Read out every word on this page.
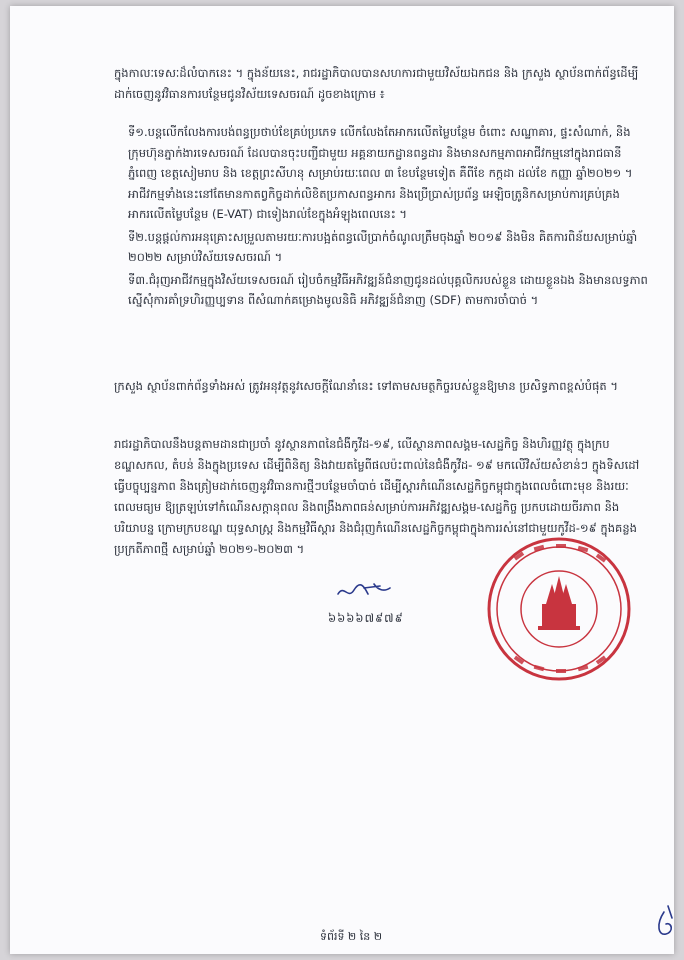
ក្នុងកាលៈទេសៈដ៏លំបាកនេះ ។ ក្នុងន័យនេះ, រាជរដ្ឋាភិបាលបានសហការជាមួយវិស័យឯកជន និង ក្រសួង ស្ថាប័នពាក់ព័ន្ធដើម្បីដាក់ចេញនូវវិធានការបន្ថែមជូនវិស័យទេសចរណ៍ ដូចខាងក្រោម ៖
ទី១.បន្តលើកលែងការបង់ពន្ធប្រថាប់ខែគ្រប់ប្រភេទ លើកលែងតែអាករលើតម្លៃបន្ថែម ចំពោះ សណ្ឋាគារ, ផ្ទះសំណាក់, និងក្រុមហ៊ុនភ្នាក់ងារទេសចរណ៍ ដែលបានចុះបញ្ជីជាមួយ អគ្គនាយកដ្ឋានពន្ធដារ និងមានសកម្មភាពអាជីវកម្មនៅក្នុងរាជធានីភ្នំពេញ ខេត្តសៀមរាប និង ខេត្តព្រះសីហនុ សម្រាប់រយៈពេល ៣ ខែបន្ថែមទៀត គឺពីខែ កក្កដា ដល់ខែ កញ្ញា ឆ្នាំ២០២១ ។ អាជីវកម្មទាំងនេះនៅតែមានកាតព្វកិច្ចដាក់លិខិតប្រកាសពន្ធអាករ និងប្រើប្រាស់ប្រព័ន្ធ អេឡិចត្រូនិកសម្រាប់ការគ្រប់គ្រងអាករលើតម្លៃបន្ថែម (E-VAT) ជាទៀងរាល់ខែក្នុងអំឡុងពេលនេះ ។
ទី២.បន្តផ្ដល់ការអនុគ្រោះសម្រួលតាមរយៈការបង្អត់ពន្ធលើប្រាក់ចំណូលត្រឹមចុងឆ្នាំ ២០១៩ និងមិន គិតការពិន័យសម្រាប់ឆ្នាំ ២០២២ សម្រាប់វិស័យទេសចរណ៍ ។
ទី៣.ជំរុញអាជីវកម្មក្នុងវិស័យទេសចរណ៍ រៀបចំកម្មវិធីអភិវឌ្ឍន៍ជំនាញជូនដល់បុគ្គលិករបស់ខ្លួន ដោយខ្លួនឯង និងមានលទ្ធភាពស្នើសុំការគាំទ្រហិរញ្ញប្បទាន ពីសំណាក់គម្រោងមូលនិធិ អភិវឌ្ឍន៍ជំនាញ (SDF) តាមការចាំបាច់ ។
ក្រសួង ស្ថាប័នពាក់ព័ន្ធទាំងអស់ ត្រូវអនុវត្តនូវសេចក្ដីណែនាំនេះ ទៅតាមសមត្ថកិច្ចរបស់ខ្លួនឱ្យមាន ប្រសិទ្ធភាពខ្ពស់បំផុត ។
រាជរដ្ឋាភិបាលនឹងបន្តតាមដានជាប្រចាំ នូវស្ថានភាពនៃជំងឺកូវីដ-១៩, លើស្ថានភាពសង្គម-សេដ្ឋកិច្ច និងហិរញ្ញវត្ថុ ក្នុងក្របខណ្ឌសកល, តំបន់ និងក្នុងប្រទេស ដើម្បីពិនិត្យ និងវាយតម្លៃពីផលប៉ះពាល់នៃជំងឺកូវីដ- ១៩ មកលើវិស័យសំខាន់ៗ ក្នុងទិសដៅធ្វើបច្ចុប្បន្នភាព និងត្រៀមដាក់ចេញនូវវិធានការថ្មីៗបន្ថែមចាំបាច់ ដើម្បីស្ដារកំណើនសេដ្ឋកិច្ចកម្ពុជាក្នុងពេលចំពោះមុខ និងរយៈពេលមធ្យម ឱ្យត្រឡប់ទៅកំណើនសក្ដានុពល និងពង្រឹងភាពធន់សម្រាប់ការអភិវឌ្ឍសង្គម-សេដ្ឋកិច្ច ប្រកបដោយចីរភាព និងបរិយាបន្ន ក្រោមក្របខណ្ឌ យុទ្ធសាស្ត្រ និងកម្មវិធីស្ដារ និងជំរុញកំណើនសេដ្ឋកិច្ចកម្ពុជាក្នុងការរស់នៅជាមួយកូវីដ-១៩ ក្នុងគន្លង ប្រក្រតីភាពថ្មី សម្រាប់ឆ្នាំ ២០២១-២០២៣ ។
៦៦៦៦៧៩៧៩
ទំព័រទី ២ នៃ ២
